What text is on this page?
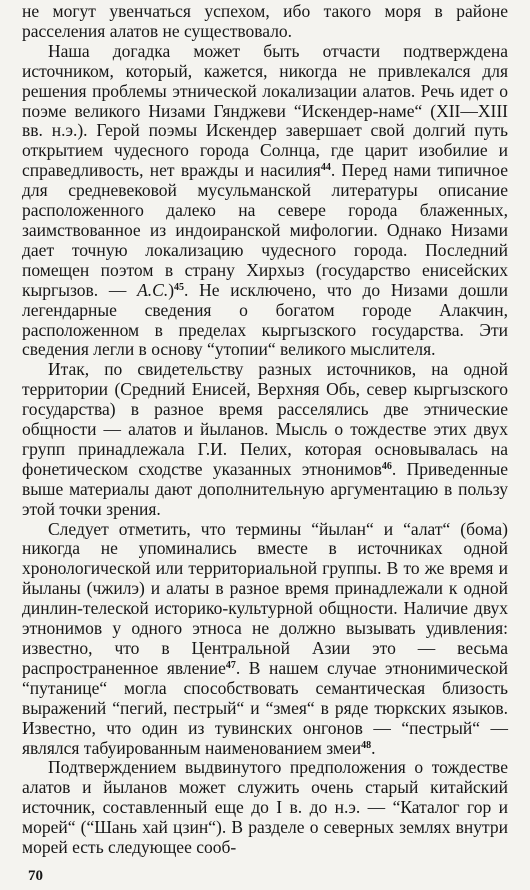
не могут увенчаться успехом, ибо такого моря в районе расселения алатов не существовало.

Наша догадка может быть отчасти подтверждена источником, который, кажется, никогда не привлекался для решения проблемы этнической локализации алатов. Речь идет о поэме великого Низами Гянджеви “Искендер-наме“ (XII—XIII вв. н.э.). Герой поэмы Искендер завершает свой долгий путь открытием чудесного города Солнца, где царит изобилие и справедливость, нет вражды и насилия$^{44}$. Перед нами типичное для средневековой мусульманской литературы описание расположенного далеко на севере города блаженных, заимствованное из индоиранской мифологии. Однако Низами дает точную локализацию чудесного города. Последний помещен поэтом в страну Хирхыз (государство енисейских кыргызов. — А.С.)$^{45}$. Не исключено, что до Низами дошли легендарные сведения о богатом городе Алакчин, расположенном в пределах кыргызского государства. Эти сведения легли в основу “утопии“ великого мыслителя.

Итак, по свидетельству разных источников, на одной территории (Средний Енисей, Верхняя Обь, север кыргызского государства) в разное время расселялись две этнические общности — алатов и йыланов. Мысль о тождестве этих двух групп принадлежала Г.И. Пелих, которая основывалась на фонетическом сходстве указанных этнонимов$^{46}$. Приведенные выше материалы дают дополнительную аргументацию в пользу этой точки зрения.

Следует отметить, что термины “йылан“ и “алат“ (бома) никогда не упоминались вместе в источниках одной хронологической или территориальной группы. В то же время и йыланы (чжилэ) и алаты в разное время принадлежали к одной динлин-телеской историко-культурной общности. Наличие двух этнонимов у одного этноса не должно вызывать удивления: известно, что в Центральной Азии это — весьма распространенное явление$^{47}$. В нашем случае этнонимической “путанице“ могла способствовать семантическая близость выражений “пегий, пестрый“ и “змея“ в ряде тюркских языков. Известно, что один из тувинских онгонов — “пестрый“ — являлся табуированным наименованием змеи$^{48}$.

Подтверждением выдвинутого предположения о тождестве алатов и йыланов может служить очень старый китайский источник, составленный еще до I в. до н.э. — “Каталог гор и морей“ (“Шань хай цзин“). В разделе о северных землях внутри морей есть следующее сооб-

70
